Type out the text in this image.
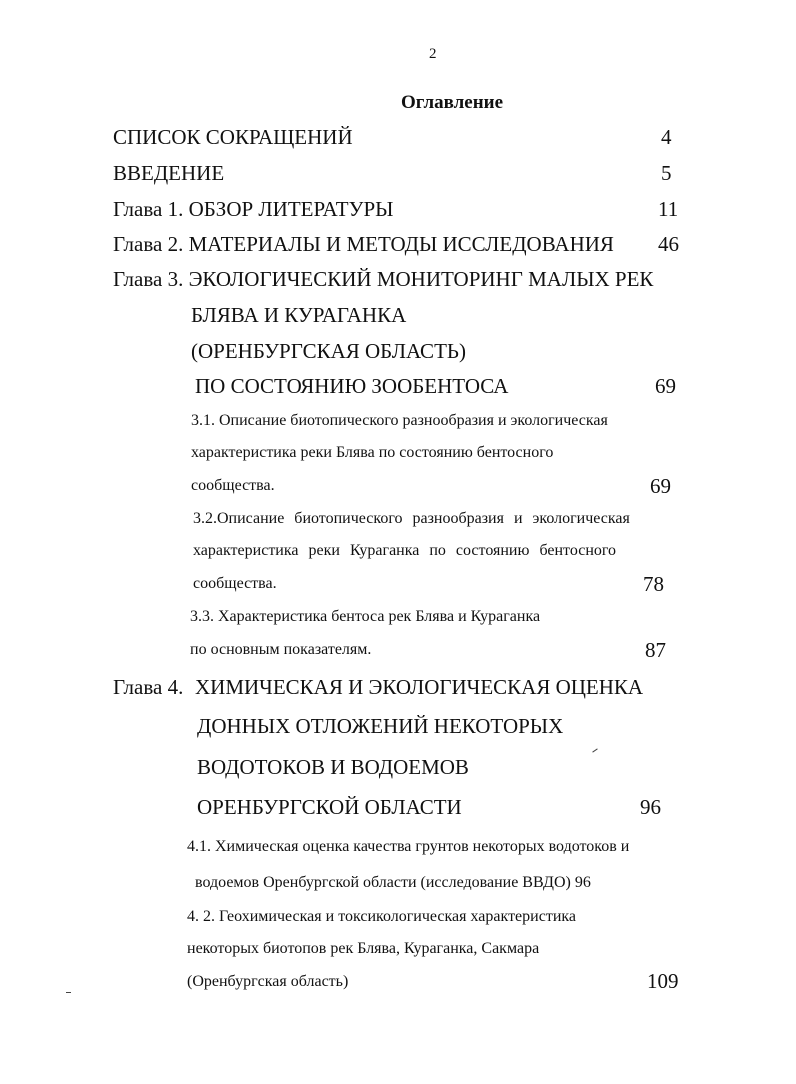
2
Оглавление
СПИСОК СОКРАЩЕНИЙ	4
ВВЕДЕНИЕ	5
Глава 1. ОБЗОР ЛИТЕРАТУРЫ	11
Глава 2. МАТЕРИАЛЫ И МЕТОДЫ ИССЛЕДОВАНИЯ 46
Глава 3. ЭКОЛОГИЧЕСКИЙ МОНИТОРИНГ МАЛЫХ РЕК
БЛЯВА И КУРАГАНКА
(ОРЕНБУРГСКАЯ ОБЛАСТЬ)
ПО СОСТОЯНИЮ ЗООБЕНТОСА	69
3.1. Описание биотопического разнообразия и экологическая
характеристика реки Блява по состоянию бентосного
сообщества.	69
3.2.Описание биотопического разнообразия и экологическая
характеристика реки Кураганка по состоянию бентосного
сообщества.	78
3.3. Характеристика бентоса рек Блява и Кураганка
по основным показателям.	87
Глава 4. ХИМИЧЕСКАЯ И ЭКОЛОГИЧЕСКАЯ ОЦЕНКА
ДОННЫХ ОТЛОЖЕНИЙ НЕКОТОРЫХ
ВОДОТОКОВ И ВОДОЕМОВ
ОРЕНБУРГСКОЙ ОБЛАСТИ	96
4.1. Химическая оценка качества грунтов некоторых водотоков и
водоемов Оренбургской области (исследование ВВДО) 96
4. 2. Геохимическая и токсикологическая характеристика
некоторых биотопов рек Блява, Кураганка, Сакмара
(Оренбургская область)	109
